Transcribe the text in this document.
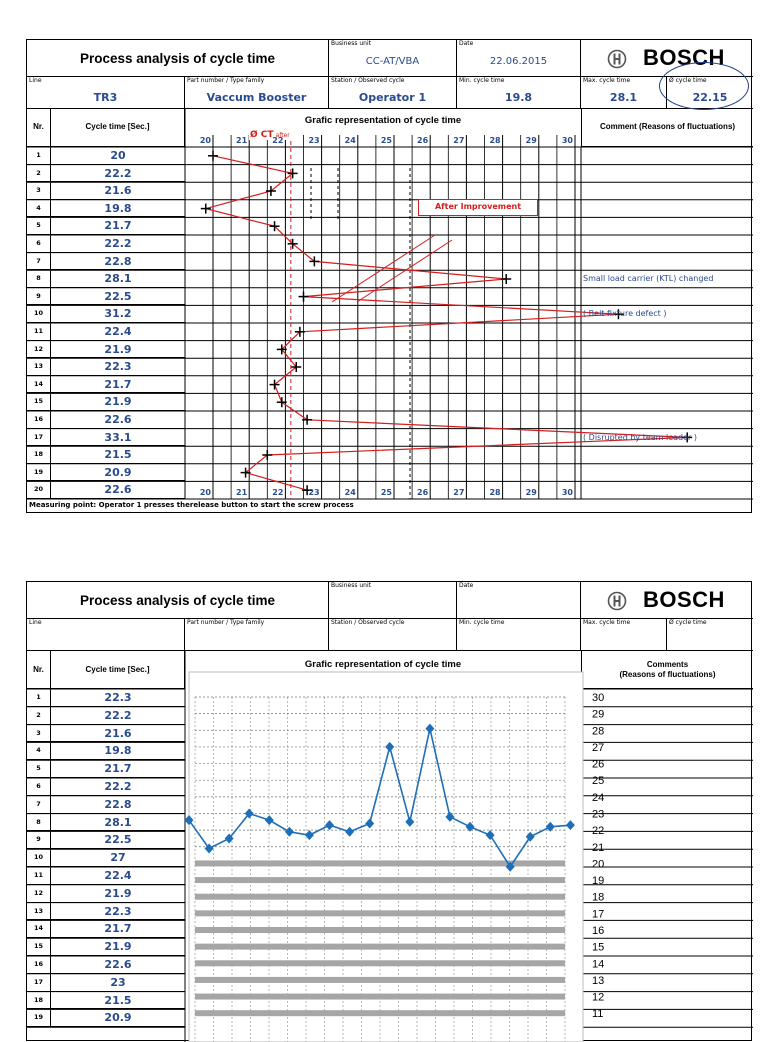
Process analysis of cycle time
Business unit
CC-AT/VBA
Date
22.06.2015	BOSCH
Line
TR3
Part number / Type family
Vaccum Booster
Station / Observed cycle
Operator 1
Min. cycle time
19.8
Max. cycle time
28.1
Ø cycle time
22.15
Nr.	Cycle time [Sec.]
Grafic representation of cycle time
Comment (Reasons of fluctuations)
1	20
2	22.2
3	21.6
4	19.8
5	21.7
6	22.2
7	22.8
8	28.1	Small load carrier (KTL) changed
9	22.5
10	31.2	( Belt fixture defect )
11	22.4
12	21.9
13	22.3
14	21.7
15	21.9
16	22.6
17	33.1	( Disrupted by team leader )
18	21.5
19	20.9
20	22.6
After Improvement
Ø CT after
Measuring point: Operator 1 presses therelease button to start the screw process
20
20
21
21
22
22
23
23
24
24
25
25
26
26
27
27
28
28
29
29
30
30
Process analysis of cycle time
Business unit	Date
BOSCH
Line	Part number / Type family	Station / Observed cycle	Min. cycle time	Max. cycle time	Ø cycle time
Nr.	Cycle time [Sec.]	Grafic representation of cycle time	Comments
(Reasons of fluctuations)
30
29
28
27
26
25
24
23
22
21
20
19
18
17
16
15
14
13
12
11
1	22.3
2	22.2
3	21.6
4	19.8
5	21.7
6	22.2
7	22.8
8	28.1
9	22.5
10	27
11	22.4
12	21.9
13	22.3
14	21.7
15	21.9
16	22.6
17	23
18	21.5
19	20.9
